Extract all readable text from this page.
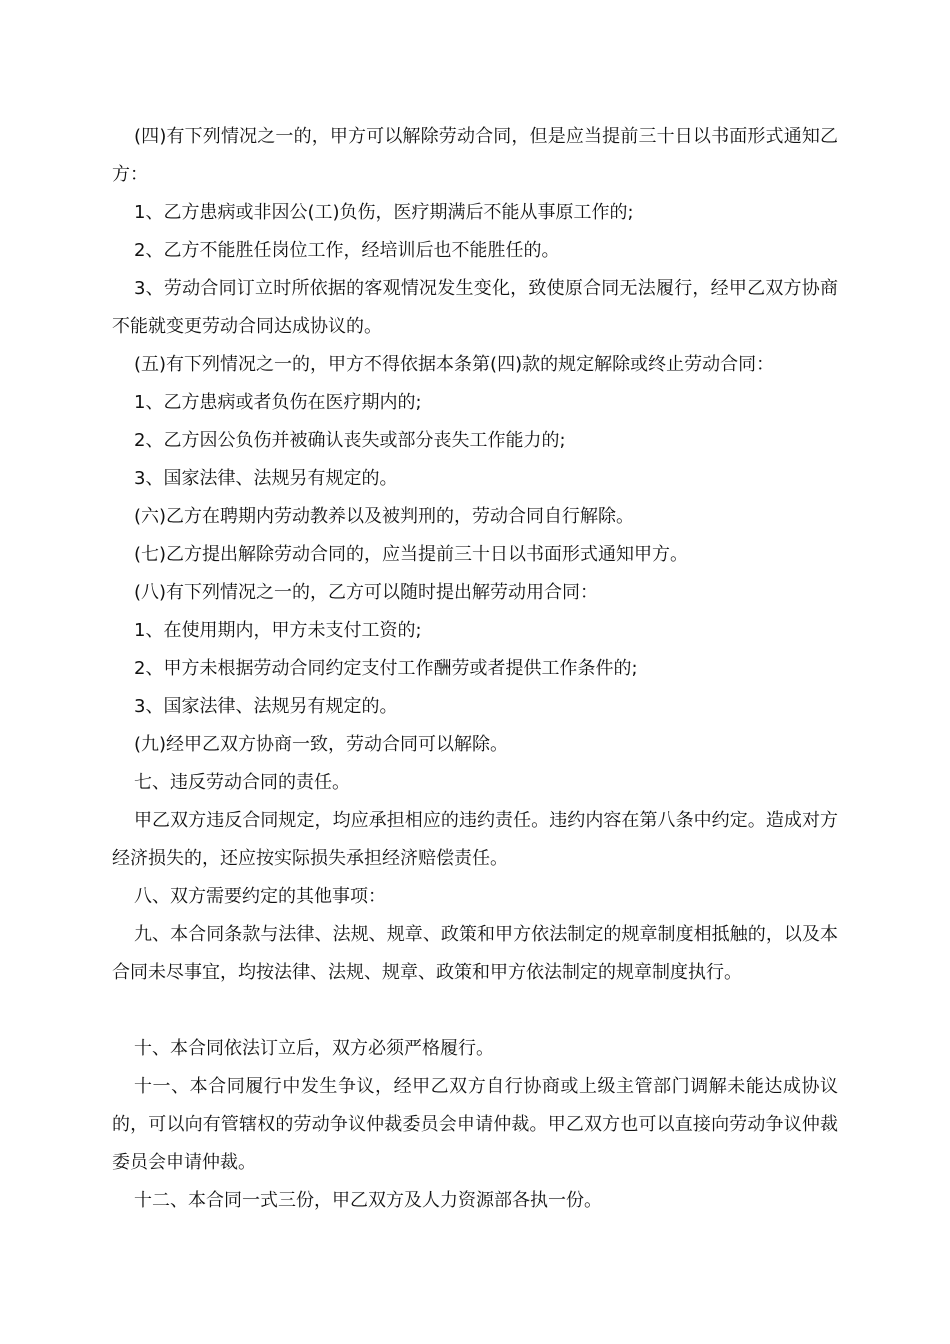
(四)有下列情况之一的，甲方可以解除劳动合同，但是应当提前三十日以书面形式通知乙方：

1、乙方患病或非因公(工)负伤，医疗期满后不能从事原工作的;

2、乙方不能胜任岗位工作，经培训后也不能胜任的。

3、劳动合同订立时所依据的客观情况发生变化，致使原合同无法履行，经甲乙双方协商不能就变更劳动合同达成协议的。

(五)有下列情况之一的，甲方不得依据本条第(四)款的规定解除或终止劳动合同：

1、乙方患病或者负伤在医疗期内的;

2、乙方因公负伤并被确认丧失或部分丧失工作能力的;

3、国家法律、法规另有规定的。

(六)乙方在聘期内劳动教养以及被判刑的，劳动合同自行解除。

(七)乙方提出解除劳动合同的，应当提前三十日以书面形式通知甲方。

(八)有下列情况之一的，乙方可以随时提出解劳动用合同：

1、在使用期内，甲方未支付工资的;

2、甲方未根据劳动合同约定支付工作酬劳或者提供工作条件的;

3、国家法律、法规另有规定的。

(九)经甲乙双方协商一致，劳动合同可以解除。

七、违反劳动合同的责任。

甲乙双方违反合同规定，均应承担相应的违约责任。违约内容在第八条中约定。造成对方经济损失的，还应按实际损失承担经济赔偿责任。

八、双方需要约定的其他事项：

九、本合同条款与法律、法规、规章、政策和甲方依法制定的规章制度相抵触的，以及本合同未尽事宜，均按法律、法规、规章、政策和甲方依法制定的规章制度执行。

十、本合同依法订立后，双方必须严格履行。

十一、本合同履行中发生争议，经甲乙双方自行协商或上级主管部门调解未能达成协议的，可以向有管辖权的劳动争议仲裁委员会申请仲裁。甲乙双方也可以直接向劳动争议仲裁委员会申请仲裁。

十二、本合同一式三份，甲乙双方及人力资源部各执一份。
